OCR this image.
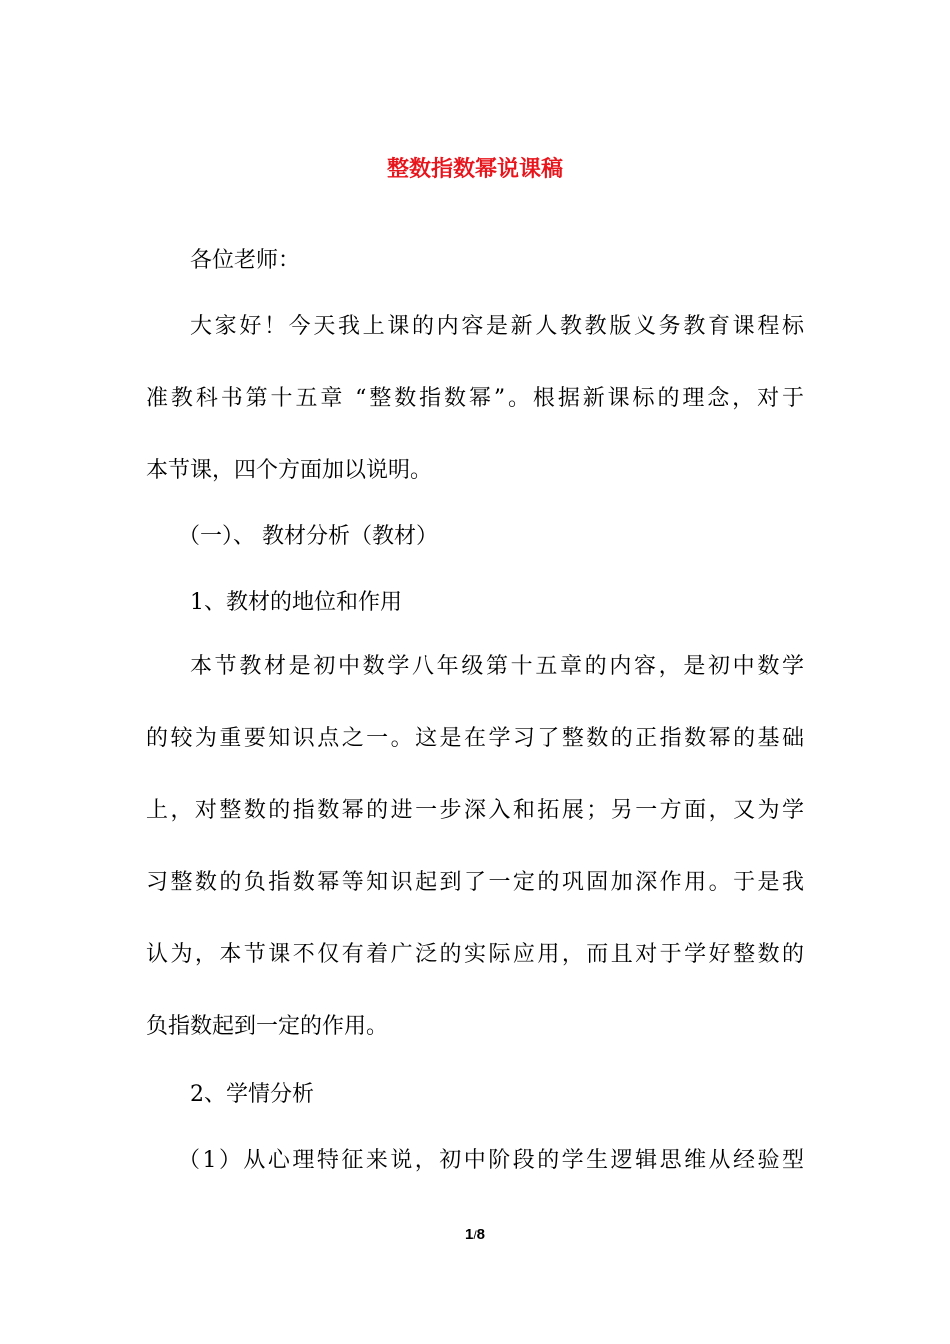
整数指数幂说课稿
各位老师：
大家好！今天我上课的内容是新人教教版义务教育课程标
准教科书第十五章 “整数指数幂”。根据新课标的理念，对于
本节课，四个方面加以说明。
（一）、 教材分析（教材）
1、教材的地位和作用
本节教材是初中数学八年级第十五章的内容，是初中数学
的较为重要知识点之一。这是在学习了整数的正指数幂的基础
上，对整数的指数幂的进一步深入和拓展；另一方面，又为学
习整数的负指数幂等知识起到了一定的巩固加深作用。于是我
认为，本节课不仅有着广泛的实际应用，而且对于学好整数的
负指数起到一定的作用。
2、学情分析
（1）从心理特征来说，初中阶段的学生逻辑思维从经验型
1/8
